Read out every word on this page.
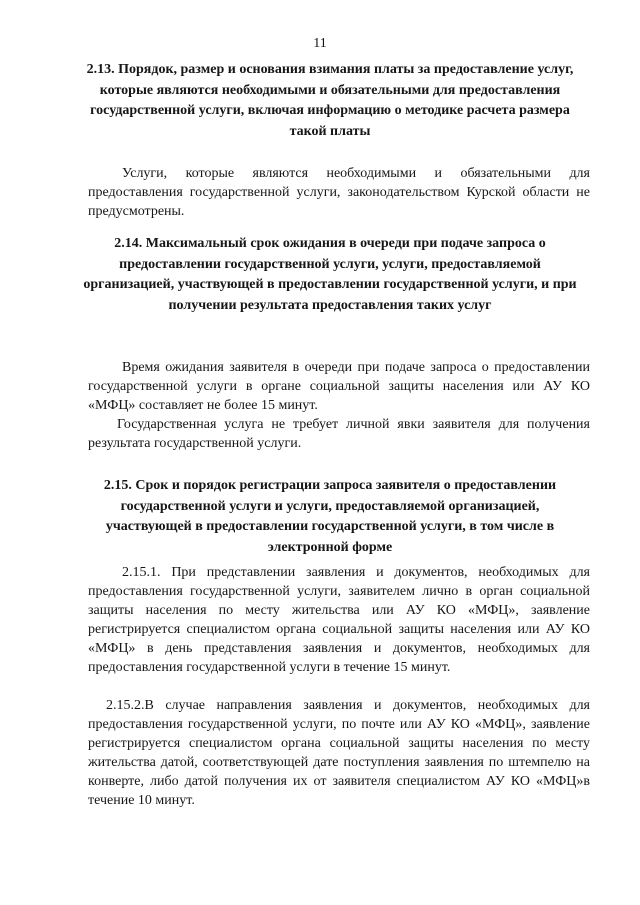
11
2.13. Порядок, размер и основания взимания платы за предоставление услуг, которые являются необходимыми и обязательными для предоставления государственной услуги, включая информацию о методике расчета размера такой платы
Услуги, которые являются необходимыми и обязательными для предоставления государственной услуги, законодательством Курской области не предусмотрены.
2.14. Максимальный срок ожидания в очереди при подаче запроса о предоставлении государственной услуги, услуги, предоставляемой организацией, участвующей в предоставлении государственной услуги, и при получении результата предоставления таких услуг
Время ожидания заявителя в очереди при подаче запроса о предоставлении государственной услуги в органе социальной защиты населения или АУ КО «МФЦ» составляет не более 15 минут.
Государственная услуга не требует личной явки заявителя для получения результата государственной услуги.
2.15. Срок и порядок регистрации запроса заявителя о предоставлении государственной услуги и услуги, предоставляемой организацией, участвующей в предоставлении государственной услуги, в том числе в электронной форме
2.15.1. При представлении заявления и документов, необходимых для предоставления государственной услуги, заявителем лично в орган социальной защиты населения по месту жительства или АУ КО «МФЦ», заявление регистрируется специалистом органа социальной защиты населения или АУ КО «МФЦ» в день представления заявления и документов, необходимых для предоставления государственной услуги в течение 15 минут.
2.15.2.В случае направления заявления и документов, необходимых для предоставления государственной услуги, по почте или АУ КО «МФЦ», заявление регистрируется специалистом органа социальной защиты населения по месту жительства датой, соответствующей дате поступления заявления по штемпелю на конверте, либо датой получения их от заявителя специалистом АУ КО «МФЦ»в течение 10 минут.
